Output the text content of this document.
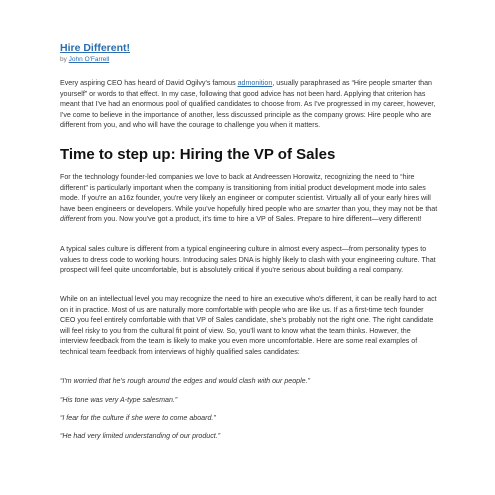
Hire Different!
by John O'Farrell
Every aspiring CEO has heard of David Ogilvy's famous admonition, usually paraphrased as “Hire people smarter than yourself” or words to that effect. In my case, following that good advice has not been hard. Applying that criterion has meant that I've had an enormous pool of qualified candidates to choose from. As I've progressed in my career, however, I've come to believe in the importance of another, less discussed principle as the company grows: Hire people who are different from you, and who will have the courage to challenge you when it matters.
Time to step up: Hiring the VP of Sales
For the technology founder-led companies we love to back at Andreessen Horowitz, recognizing the need to “hire different” is particularly important when the company is transitioning from initial product development mode into sales mode. If you're an a16z founder, you're very likely an engineer or computer scientist. Virtually all of your early hires will have been engineers or developers. While you've hopefully hired people who are smarter than you, they may not be that different from you. Now you've got a product, it's time to hire a VP of Sales. Prepare to hire different—very different!
A typical sales culture is different from a typical engineering culture in almost every aspect—from personality types to values to dress code to working hours. Introducing sales DNA is highly likely to clash with your engineering culture. That prospect will feel quite uncomfortable, but is absolutely critical if you're serious about building a real company.
While on an intellectual level you may recognize the need to hire an executive who's different, it can be really hard to act on it in practice. Most of us are naturally more comfortable with people who are like us. If as a first-time tech founder CEO you feel entirely comfortable with that VP of Sales candidate, she's probably not the right one. The right candidate will feel risky to you from the cultural fit point of view. So, you'll want to know what the team thinks. However, the interview feedback from the team is likely to make you even more uncomfortable. Here are some real examples of technical team feedback from interviews of highly qualified sales candidates:
“I'm worried that he's rough around the edges and would clash with our people.”
“His tone was very A-type salesman.”
“I fear for the culture if she were to come aboard.”
“He had very limited understanding of our product.”
